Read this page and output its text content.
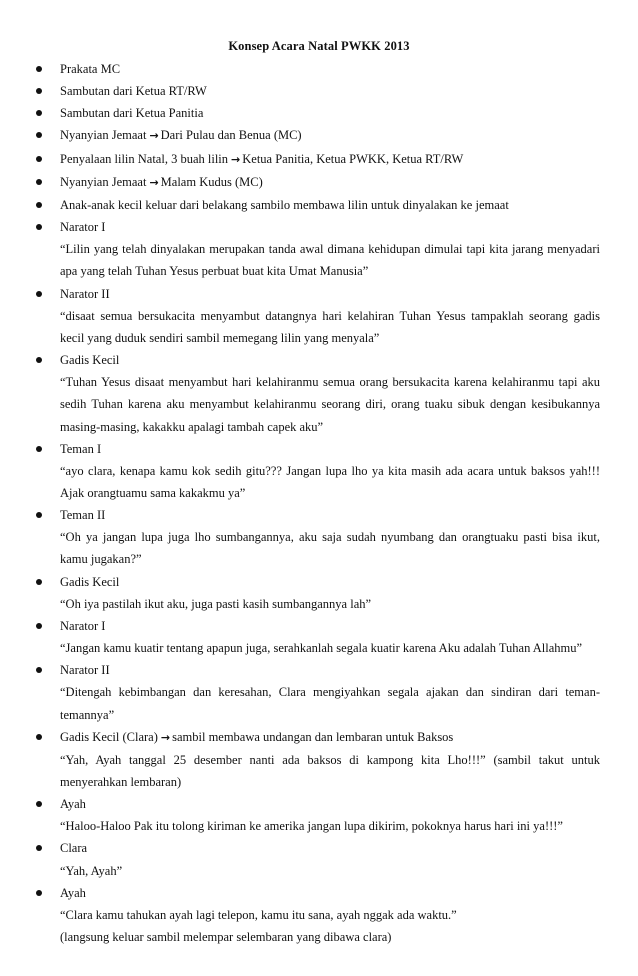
Konsep Acara Natal PWKK 2013
Prakata MC
Sambutan dari Ketua RT/RW
Sambutan dari Ketua Panitia
Nyanyian Jemaat → Dari Pulau dan Benua (MC)
Penyalaan lilin Natal, 3 buah lilin → Ketua Panitia, Ketua PWKK, Ketua RT/RW
Nyanyian Jemaat → Malam Kudus (MC)
Anak-anak kecil keluar dari belakang sambilo membawa lilin untuk dinyalakan ke jemaat
Narator I
“Lilin yang telah dinyalakan merupakan tanda awal dimana kehidupan dimulai tapi kita jarang menyadari
apa yang telah Tuhan Yesus perbuat buat kita Umat Manusia”
Narator II
“disaat semua bersukacita menyambut datangnya hari kelahiran Tuhan Yesus tampaklah seorang gadis
kecil yang duduk sendiri sambil memegang lilin yang menyala”
Gadis Kecil
“Tuhan Yesus disaat menyambut hari kelahiranmu semua orang bersukacita karena kelahiranmu tapi aku
sedih Tuhan karena aku menyambut kelahiranmu seorang diri, orang tuaku sibuk dengan kesibukannya
masing-masing, kakakku apalagi tambah capek aku”
Teman I
“ayo clara, kenapa kamu kok sedih gitu??? Jangan lupa lho ya kita masih ada acara untuk baksos yah!!!
Ajak orangtuamu sama kakakmu ya”
Teman II
“Oh ya jangan lupa juga lho sumbangannya, aku saja sudah nyumbang dan orangtuaku pasti bisa ikut,
kamu jugakan?”
Gadis Kecil
“Oh iya pastilah ikut aku, juga pasti kasih sumbangannya lah”
Narator I
“Jangan kamu kuatir tentang apapun juga, serahkanlah segala kuatir karena Aku adalah Tuhan Allahmu”
Narator II
“Ditengah kebimbangan dan keresahan, Clara mengiyahkan segala ajakan dan sindiran dari teman-
temannya”
Gadis Kecil (Clara) → sambil membawa undangan dan lembaran untuk Baksos
“Yah, Ayah tanggal 25 desember nanti ada baksos di kampong kita Lho!!!” (sambil takut untuk
menyerahkan lembaran)
Ayah
“Haloo-Haloo Pak itu tolong kiriman ke amerika jangan lupa dikirim, pokoknya harus hari ini ya!!!”
Clara
“Yah, Ayah”
Ayah
“Clara kamu tahukan ayah lagi telepon, kamu itu sana, ayah nggak ada waktu.”
(langsung keluar sambil melempar selembaran yang dibawa clara)
